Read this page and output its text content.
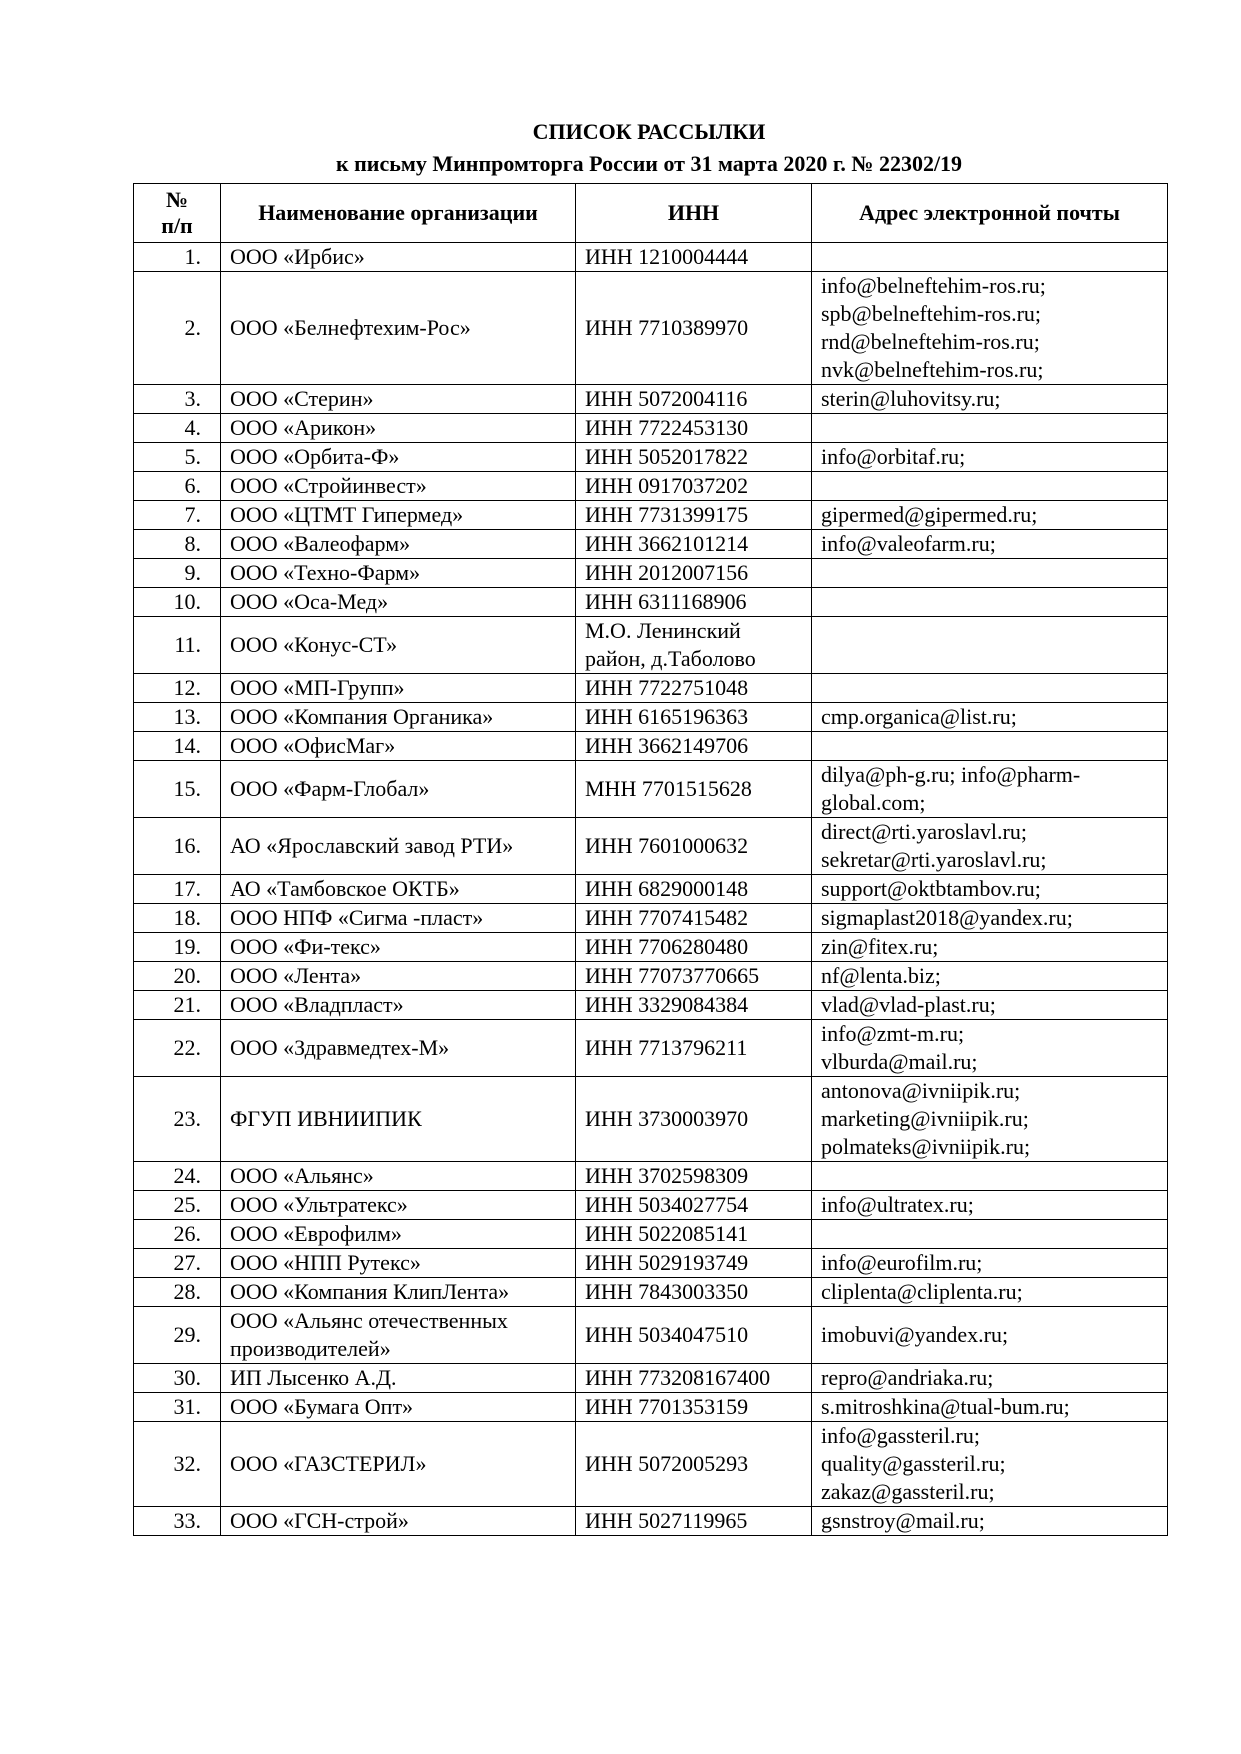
СПИСОК РАССЫЛКИ
к письму Минпромторга России от 31 марта 2020 г. № 22302/19
№
п/п	Наименование организации	ИНН	Адрес электронной почты
1.	ООО «Ирбис»	ИНН 1210004444	
2.	ООО «Белнефтехим-Рос»	ИНН 7710389970	info@belneftehim-ros.ru;
spb@belneftehim-ros.ru;
rnd@belneftehim-ros.ru;
nvk@belneftehim-ros.ru;
3.	ООО «Стерин»	ИНН 5072004116	sterin@luhovitsy.ru;
4.	ООО «Арикон»	ИНН 7722453130	
5.	ООО «Орбита-Ф»	ИНН 5052017822	info@orbitaf.ru;
6.	ООО «Стройинвест»	ИНН 0917037202	
7.	ООО «ЦТМТ Гипермед»	ИНН 7731399175	gipermed@gipermed.ru;
8.	ООО «Валеофарм»	ИНН 3662101214	info@valeofarm.ru;
9.	ООО «Техно-Фарм»	ИНН 2012007156	
10.	ООО «Оса-Мед»	ИНН 6311168906	
11.	ООО «Конус-СТ»	М.О. Ленинский
район, д.Таболово	
12.	ООО «МП-Групп»	ИНН 7722751048	
13.	ООО «Компания Органика»	ИНН 6165196363	cmp.organica@list.ru;
14.	ООО «ОфисМаг»	ИНН 3662149706	
15.	ООО «Фарм-Глобал»	МНН 7701515628	dilya@ph-g.ru; info@pharm-
global.com;
16.	АО «Ярославский завод РТИ»	ИНН 7601000632	direct@rti.yaroslavl.ru;
sekretar@rti.yaroslavl.ru;
17.	АО «Тамбовское ОКТБ»	ИНН 6829000148	support@oktbtambov.ru;
18.	ООО НПФ «Сигма -пласт»	ИНН 7707415482	sigmaplast2018@yandex.ru;
19.	ООО «Фи-текс»	ИНН 7706280480	zin@fitex.ru;
20.	ООО «Лента»	ИНН 77073770665	nf@lenta.biz;
21.	ООО «Владпласт»	ИНН 3329084384	vlad@vlad-plast.ru;
22.	ООО «Здравмедтех-М»	ИНН 7713796211	info@zmt-m.ru;
vlburda@mail.ru;
23.	ФГУП ИВНИИПИК	ИНН 3730003970	antonova@ivniipik.ru;
marketing@ivniipik.ru;
polmateks@ivniipik.ru;
24.	ООО «Альянс»	ИНН 3702598309	
25.	ООО «Ультратекс»	ИНН 5034027754	info@ultratex.ru;
26.	ООО «Еврофилм»	ИНН 5022085141	
27.	ООО «НПП Рутекс»	ИНН 5029193749	info@eurofilm.ru;
28.	ООО «Компания КлипЛента»	ИНН 7843003350	cliplenta@cliplenta.ru;
29.	ООО «Альянс отечественных
производителей»	ИНН 5034047510	imobuvi@yandex.ru;
30.	ИП Лысенко А.Д.	ИНН 773208167400	repro@andriaka.ru;
31.	ООО «Бумага Опт»	ИНН 7701353159	s.mitroshkina@tual-bum.ru;
32.	ООО «ГАЗСТЕРИЛ»	ИНН 5072005293	info@gassteril.ru;
quality@gassteril.ru;
zakaz@gassteril.ru;
33.	ООО «ГСН-строй»	ИНН 5027119965	gsnstroy@mail.ru;
